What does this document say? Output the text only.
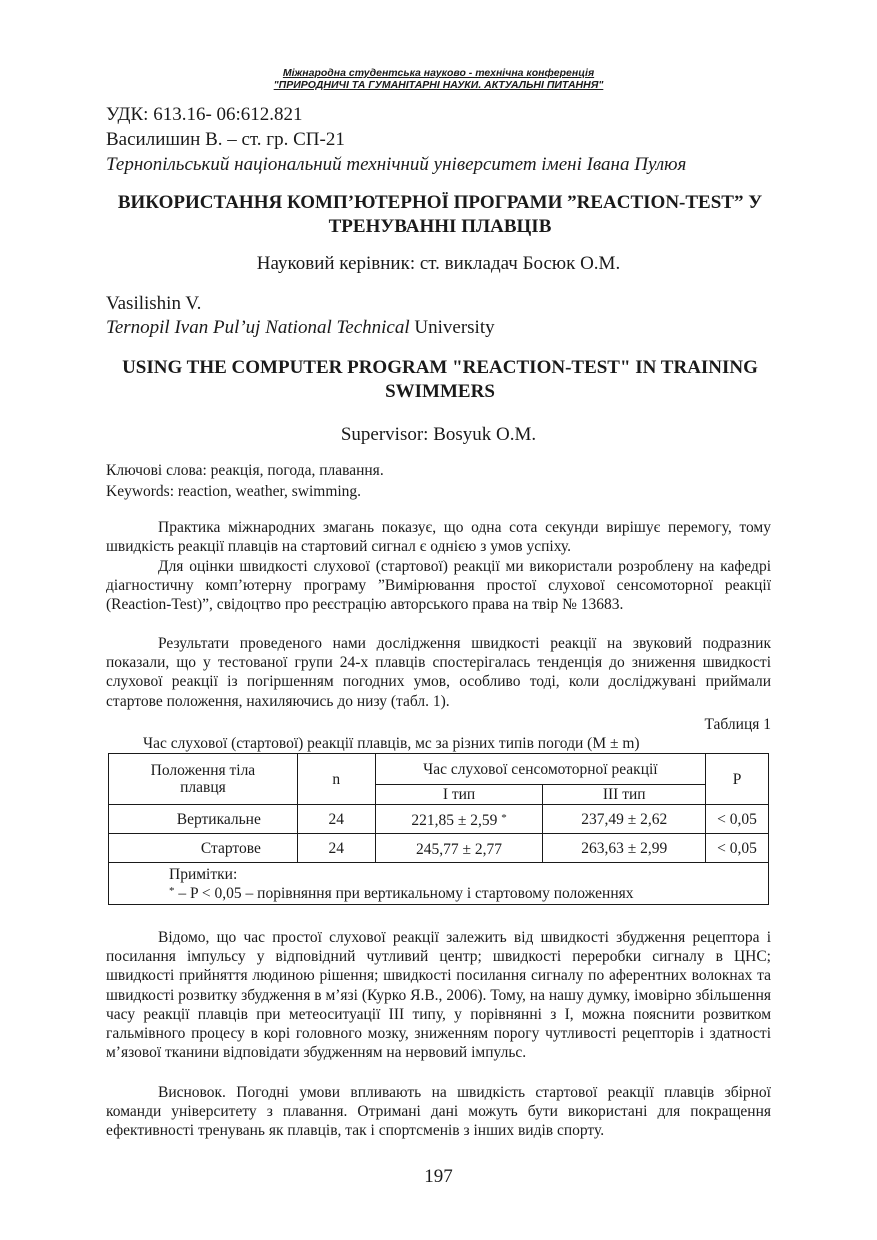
Міжнародна студентська науково - технічна конференція
"ПРИРОДНИЧІ ТА ГУМАНІТАРНІ НАУКИ. АКТУАЛЬНІ ПИТАННЯ"
УДК: 613.16- 06:612.821
Василишин В. – ст. гр. СП-21
Тернопільський національний технічний університет імені Івана Пулюя
ВИКОРИСТАННЯ КОМП’ЮТЕРНОЇ ПРОГРАМИ ”REACTION-TEST” У ТРЕНУВАННІ ПЛАВЦІВ
Науковий керівник: ст. викладач Босюк О.М.
Vasilishin V.
Ternopil Ivan Pul’uj National Technical University
USING THE COMPUTER PROGRAM "REACTION-TEST" IN TRAINING SWIMMERS
Supervisor: Bosyuk O.M.
Ключові слова: реакція, погода, плавання.
Keywords: reaction, weather, swimming.
Практика міжнародних змагань показує, що одна сота секунди вирішує перемогу, тому швидкість реакції плавців на стартовий сигнал є однією з умов успіху.
Для оцінки швидкості слухової (стартової) реакції ми використали розроблену на кафедрі діагностичну комп’ютерну програму ”Вимірювання простої слухової сенсомоторної реакції (Reaction-Test)”, свідоцтво про реєстрацію авторського права на твір № 13683.
Результати проведеного нами дослідження швидкості реакції на звуковий подразник показали, що у тестованої групи 24-х плавців спостерігалась тенденція до зниження швидкості слухової реакції із погіршенням погодних умов, особливо тоді, коли досліджувані приймали стартове положення, нахиляючись до низу (табл. 1).
Таблиця 1
Час слухової (стартової) реакції плавців, мс за різних типів погоди (M ± m)
Положення тіла плавця	n	Час слухової сенсомоторної реакції		P
		І тип	ІІІ тип	
Вертикальне	24	221,85 ± 2,59 *	237,49 ± 2,62	< 0,05
Стартове	24	245,77 ± 2,77	263,63 ± 2,99	< 0,05

Примітки:
* – P < 0,05 – порівняння при вертикальному і стартовому положеннях				
Відомо, що час простої слухової реакції залежить від швидкості збудження рецептора і посилання імпульсу у відповідний чутливий центр; швидкості переробки сигналу в ЦНС; швидкості прийняття людиною рішення; швидкості посилання сигналу по аферентних волокнах та швидкості розвитку збудження в м’язі (Курко Я.В., 2006). Тому, на нашу думку, імовірно збільшення часу реакції плавців при метеоситуації ІІІ типу, у порівнянні з І, можна пояснити розвитком гальмівного процесу в корі головного мозку, зниженням порогу чутливості рецепторів і здатності м’язової тканини відповідати збудженням на нервовий імпульс.
Висновок. Погодні умови впливають на швидкість стартової реакції плавців збірної команди університету з плавання. Отримані дані можуть бути використані для покращення ефективності тренувань як плавців, так і спортсменів з інших видів спорту.
197
